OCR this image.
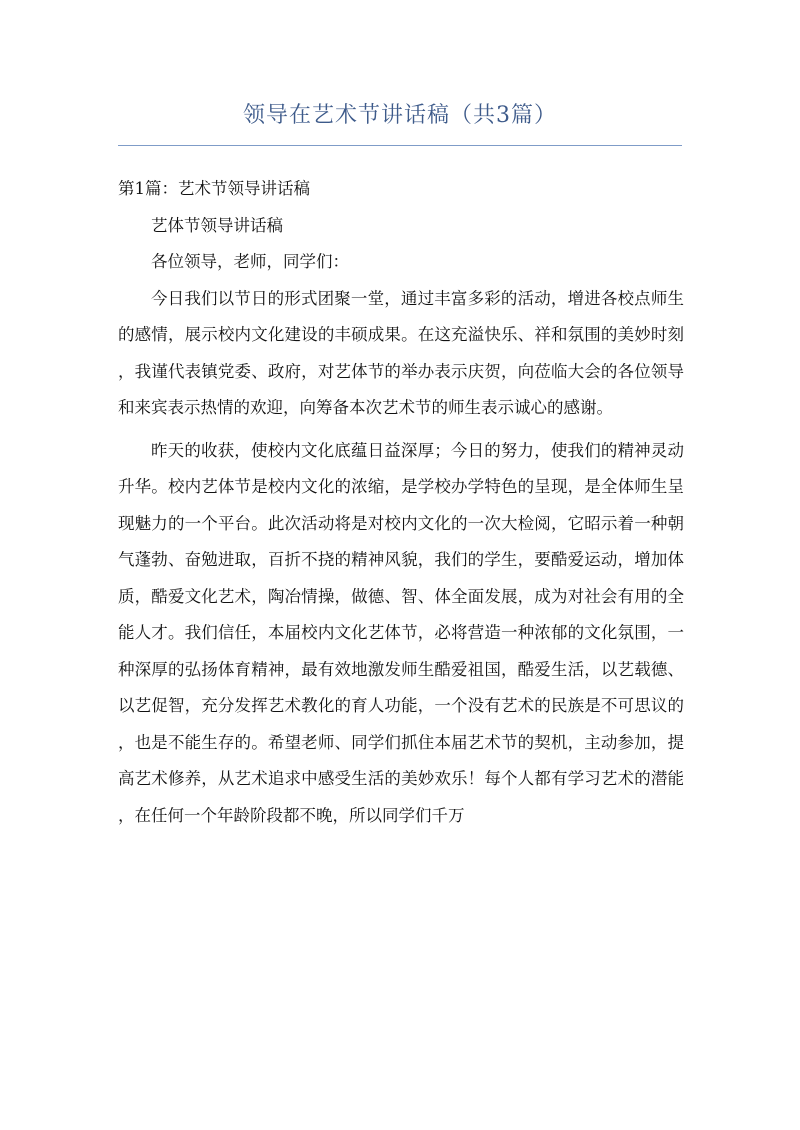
领导在艺术节讲话稿（共3篇）
第1篇：艺术节领导讲话稿

艺体节领导讲话稿

各位领导，老师，同学们：

今日我们以节日的形式团聚一堂，通过丰富多彩的活动，增进各校点师生的感情，展示校内文化建设的丰硕成果。在这充溢快乐、祥和氛围的美妙时刻，我谨代表镇党委、政府，对艺体节的举办表示庆贺，向莅临大会的各位领导和来宾表示热情的欢迎，向筹备本次艺术节的师生表示诚心的感谢。

昨天的收获，使校内文化底蕴日益深厚；今日的努力，使我们的精神灵动升华。校内艺体节是校内文化的浓缩，是学校办学特色的呈现，是全体师生呈现魅力的一个平台。此次活动将是对校内文化的一次大检阅，它昭示着一种朝气蓬勃、奋勉进取，百折不挠的精神风貌，我们的学生，要酷爱运动，增加体质，酷爱文化艺术，陶冶情操，做德、智、体全面发展，成为对社会有用的全能人才。我们信任，本届校内文化艺体节，必将营造一种浓郁的文化氛围，一种深厚的弘扬体育精神，最有效地激发师生酷爱祖国，酷爱生活，以艺载德、以艺促智，充分发挥艺术教化的育人功能，一个没有艺术的民族是不可思议的，也是不能生存的。希望老师、同学们抓住本届艺术节的契机，主动参加，提高艺术修养，从艺术追求中感受生活的美妙欢乐！每个人都有学习艺术的潜能，在任何一个年龄阶段都不晚，所以同学们千万
